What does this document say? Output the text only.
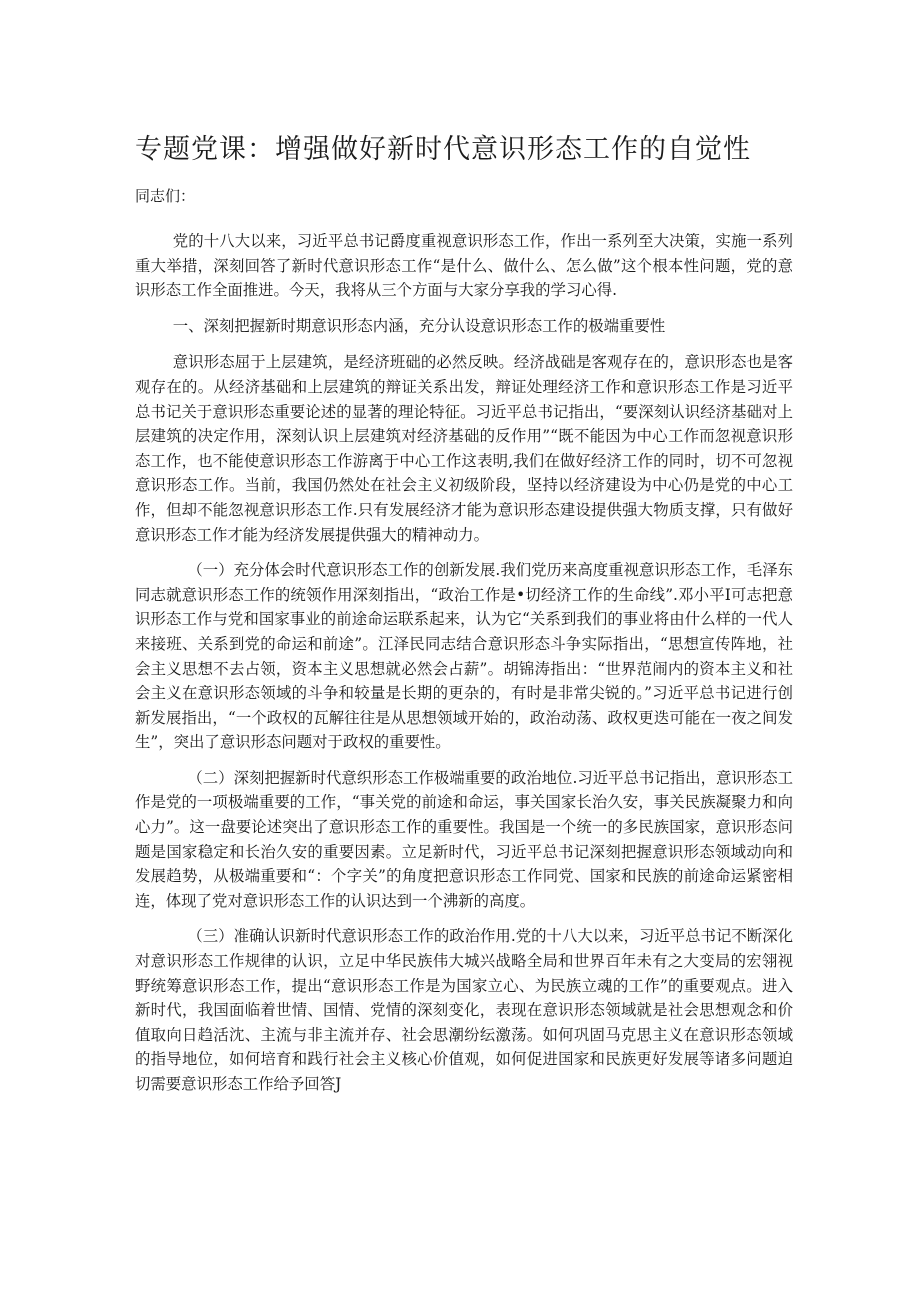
专题党课：增强做好新时代意识形态工作的自觉性

同志们：

党的十八大以来，习近平总书记爵度重视意识形态工作，作出一系列至大决策，实施一系列重大举措，深刻回答了新时代意识形态工作“是什么、做什么、怎么做”这个根本性问题，党的意识形态工作全面推进。今天，我将从三个方面与大家分享我的学习心得.

一、深刻把握新时期意识形态内涵，充分认设意识形态工作的极端重要性

意识形态屈于上层建筑，是经济班础的必然反映。经济战础是客观存在的，意识形态也是客观存在的。从经济基础和上层建筑的辩证关系出发，辩证处理经济工作和意识形态工作是习近平总书记关于意识形态重要论述的显著的理论特征。习近平总书记指出，“要深刻认识经济基础对上层建筑的决定作用，深刻认识上层建筑对经济基础的反作用”“既不能因为中心工作而忽视意识形态工作，也不能使意识形态工作游离于中心工作这表明,我们在做好经济工作的同时，切不可忽视意识形态工作。当前，我国仍然处在社会主义初级阶段，坚持以经济建设为中心仍是党的中心工作，但却不能忽视意识形态工作.只有发展经济才能为意识形态建设提供强大物质支撑，只有做好意识形态工作才能为经济发展提供强大的精神动力。

（一）充分体会时代意识形态工作的创新发展.我们党历来高度重视意识形态工作，毛泽东同志就意识形态工作的统领作用深刻指出，“政治工作是•切经济工作的生命线”.邓小平I可志把意识形态工作与党和国家事业的前途命运联系起来，认为它“关系到我们的事业将由什么样的一代人来接班、关系到党的命运和前途”。江泽民同志结合意识形态斗争实际指出，“思想宣传阵地，社会主义思想不去占领，资本主义思想就必然会占薪”。胡锦涛指出：“世界范闹内的资本主义和社会主义在意识形态领域的斗争和较量是长期的更杂的，有时是非常尖锐的。”习近平总书记进行创新发展指出，“一个政权的瓦解往往是从思想领域开始的，政治动荡、政权更迭可能在一夜之间发生”，突出了意识形态问题对于政权的重要性。

（二）深刻把握新时代意织形态工作极端重要的政治地位.习近平总书记指出，意识形态工作是党的一项极端重要的工作，“事关党的前途和命运，事关国家长治久安，事关民族凝聚力和向心力”。这一盘要论述突出了意识形态工作的重要性。我国是一个统一的多民族国家，意识形态问题是国家稳定和长治久安的重要因素。立足新时代，习近平总书记深刻把握意识形态领域动向和发展趋势，从极端重要和“：个字关”的角度把意识形态工作同党、国家和民族的前途命运紧密相连，体现了党对意识形态工作的认识达到一个沸新的高度。

（三）准确认识新时代意识形态工作的政治作用.党的十八大以来，习近平总书记不断深化对意识形态工作规律的认识，立足中华民族伟大城兴战略全局和世界百年未有之大变局的宏翎视野统筹意识形态工作，提出“意识形态工作是为国家立心、为民族立魂的工作”的重要观点。进入新时代，我国面临着世情、国情、党情的深刻变化，表现在意识形态领域就是社会思想观念和价值取向日趋活沈、主流与非主流并存、社会思潮纷纭激荡。如何巩固马克思主义在意识形态领域的指导地位，如何培育和践行社会主义核心价值观，如何促进国家和民族更好发展等诸多问题迫切需要意识形态工作给予回答J
